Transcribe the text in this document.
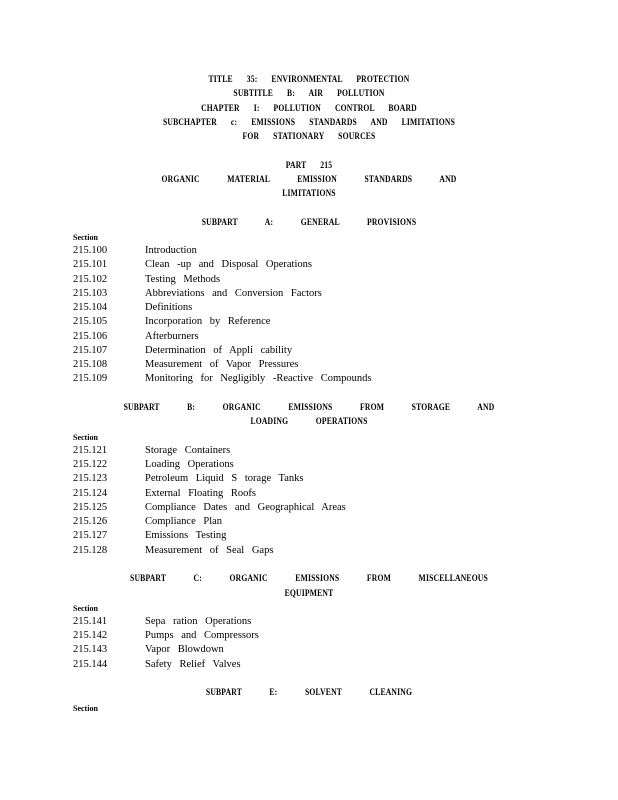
TITLE 35: ENVIRONMENTAL PROTECTION
SUBTITLE B: AIR POLLUTION
CHAPTER I: POLLUTION CONTROL BOARD
SUBCHAPTER c: EMISSIONS STANDARDS AND LIMITATIONS
FOR STATIONARY SOURCES
PART 215
ORGANIC MATERIAL EMISSION STANDARDS AND
LIMITATIONS
SUBPART A: GENERAL PROVISIONS
Section
215.100	Introduction
215.101	Clean -up and Disposal Operations
215.102	Testing Methods
215.103	Abbreviations and Conversion Factors
215.104	Definitions
215.105	Incorporation by Reference
215.106	Afterburners
215.107	Determination of Appli cability
215.108	Measurement of Vapor Pressures
215.109	Monitoring for Negligibly -Reactive Compounds
SUBPART B: ORGANIC EMISSIONS FROM STORAGE AND
LOADING OPERATIONS
Section
215.121	Storage Containers
215.122	Loading Operations
215.123	Petroleum Liquid S torage Tanks
215.124	External Floating Roofs
215.125	Compliance Dates and Geographical Areas
215.126	Compliance Plan
215.127	Emissions Testing
215.128	Measurement of Seal Gaps
SUBPART C: ORGANIC EMISSIONS FROM MISCELLANEOUS
EQUIPMENT
Section
215.141	Sepa ration Operations
215.142	Pumps and Compressors
215.143	Vapor Blowdown
215.144	Safety Relief Valves
SUBPART E: SOLVENT CLEANING
Section
